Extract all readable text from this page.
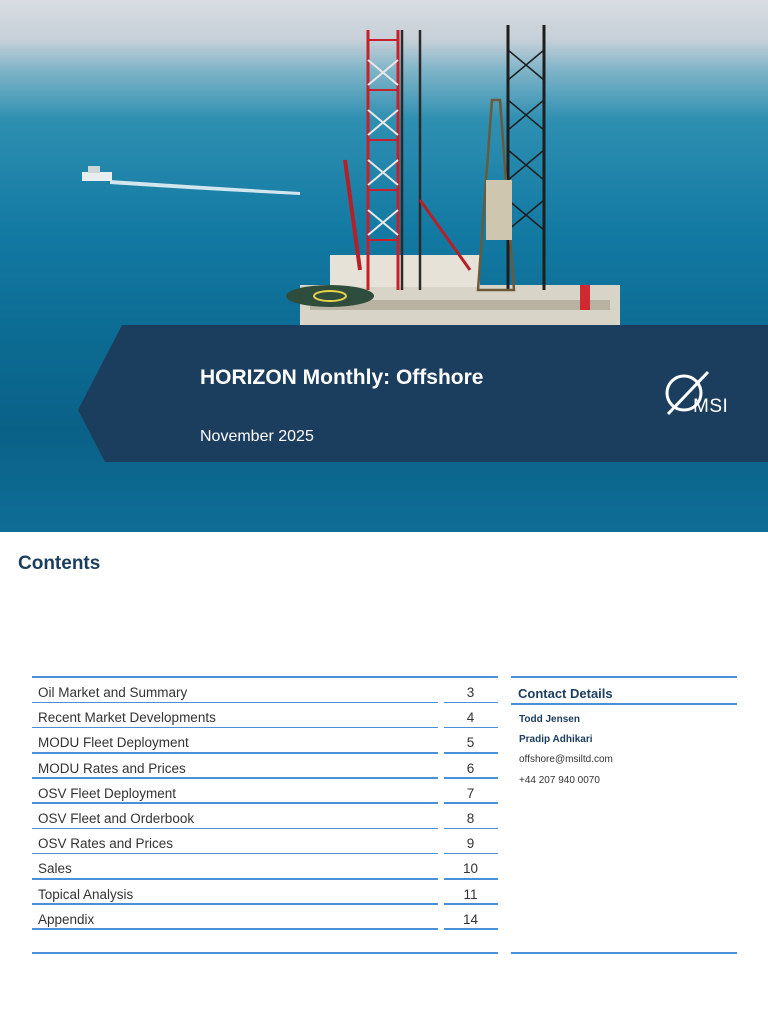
HORIZON Monthly: Offshore
November 2025
MSI
Contents
Oil Market and Summary	3
Recent Market Developments	4
MODU Fleet Deployment	5
MODU Rates and Prices	6
OSV Fleet Deployment	7
OSV Fleet and Orderbook	8
OSV Rates and Prices	9
Sales	10
Topical Analysis	11
Appendix	14
Contact Details
Todd Jensen
Pradip Adhikari
offshore@msiltd.com
+44 207 940 0070
